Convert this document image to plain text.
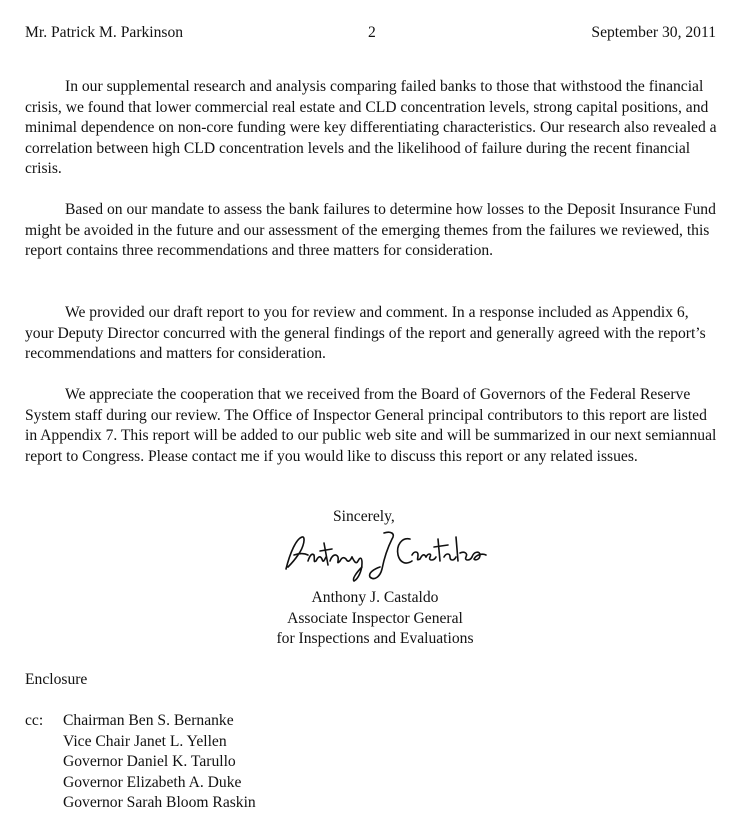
Mr. Patrick M. Parkinson	2	September 30, 2011

In our supplemental research and analysis comparing failed banks to those that withstood the financial crisis, we found that lower commercial real estate and CLD concentration levels, strong capital positions, and minimal dependence on non-core funding were key differentiating characteristics. Our research also revealed a correlation between high CLD concentration levels and the likelihood of failure during the recent financial crisis.

Based on our mandate to assess the bank failures to determine how losses to the Deposit Insurance Fund might be avoided in the future and our assessment of the emerging themes from the failures we reviewed, this report contains three recommendations and three matters for consideration.

We provided our draft report to you for review and comment. In a response included as Appendix 6, your Deputy Director concurred with the general findings of the report and generally agreed with the report’s recommendations and matters for consideration.

We appreciate the cooperation that we received from the Board of Governors of the Federal Reserve System staff during our review. The Office of Inspector General principal contributors to this report are listed in Appendix 7. This report will be added to our public web site and will be summarized in our next semiannual report to Congress. Please contact me if you would like to discuss this report or any related issues.

Sincerely,
Anthony J. Castaldo
Associate Inspector General
for Inspections and Evaluations
Enclosure
cc: Chairman Ben S. Bernanke
Vice Chair Janet L. Yellen
Governor Daniel K. Tarullo
Governor Elizabeth A. Duke
Governor Sarah Bloom Raskin
